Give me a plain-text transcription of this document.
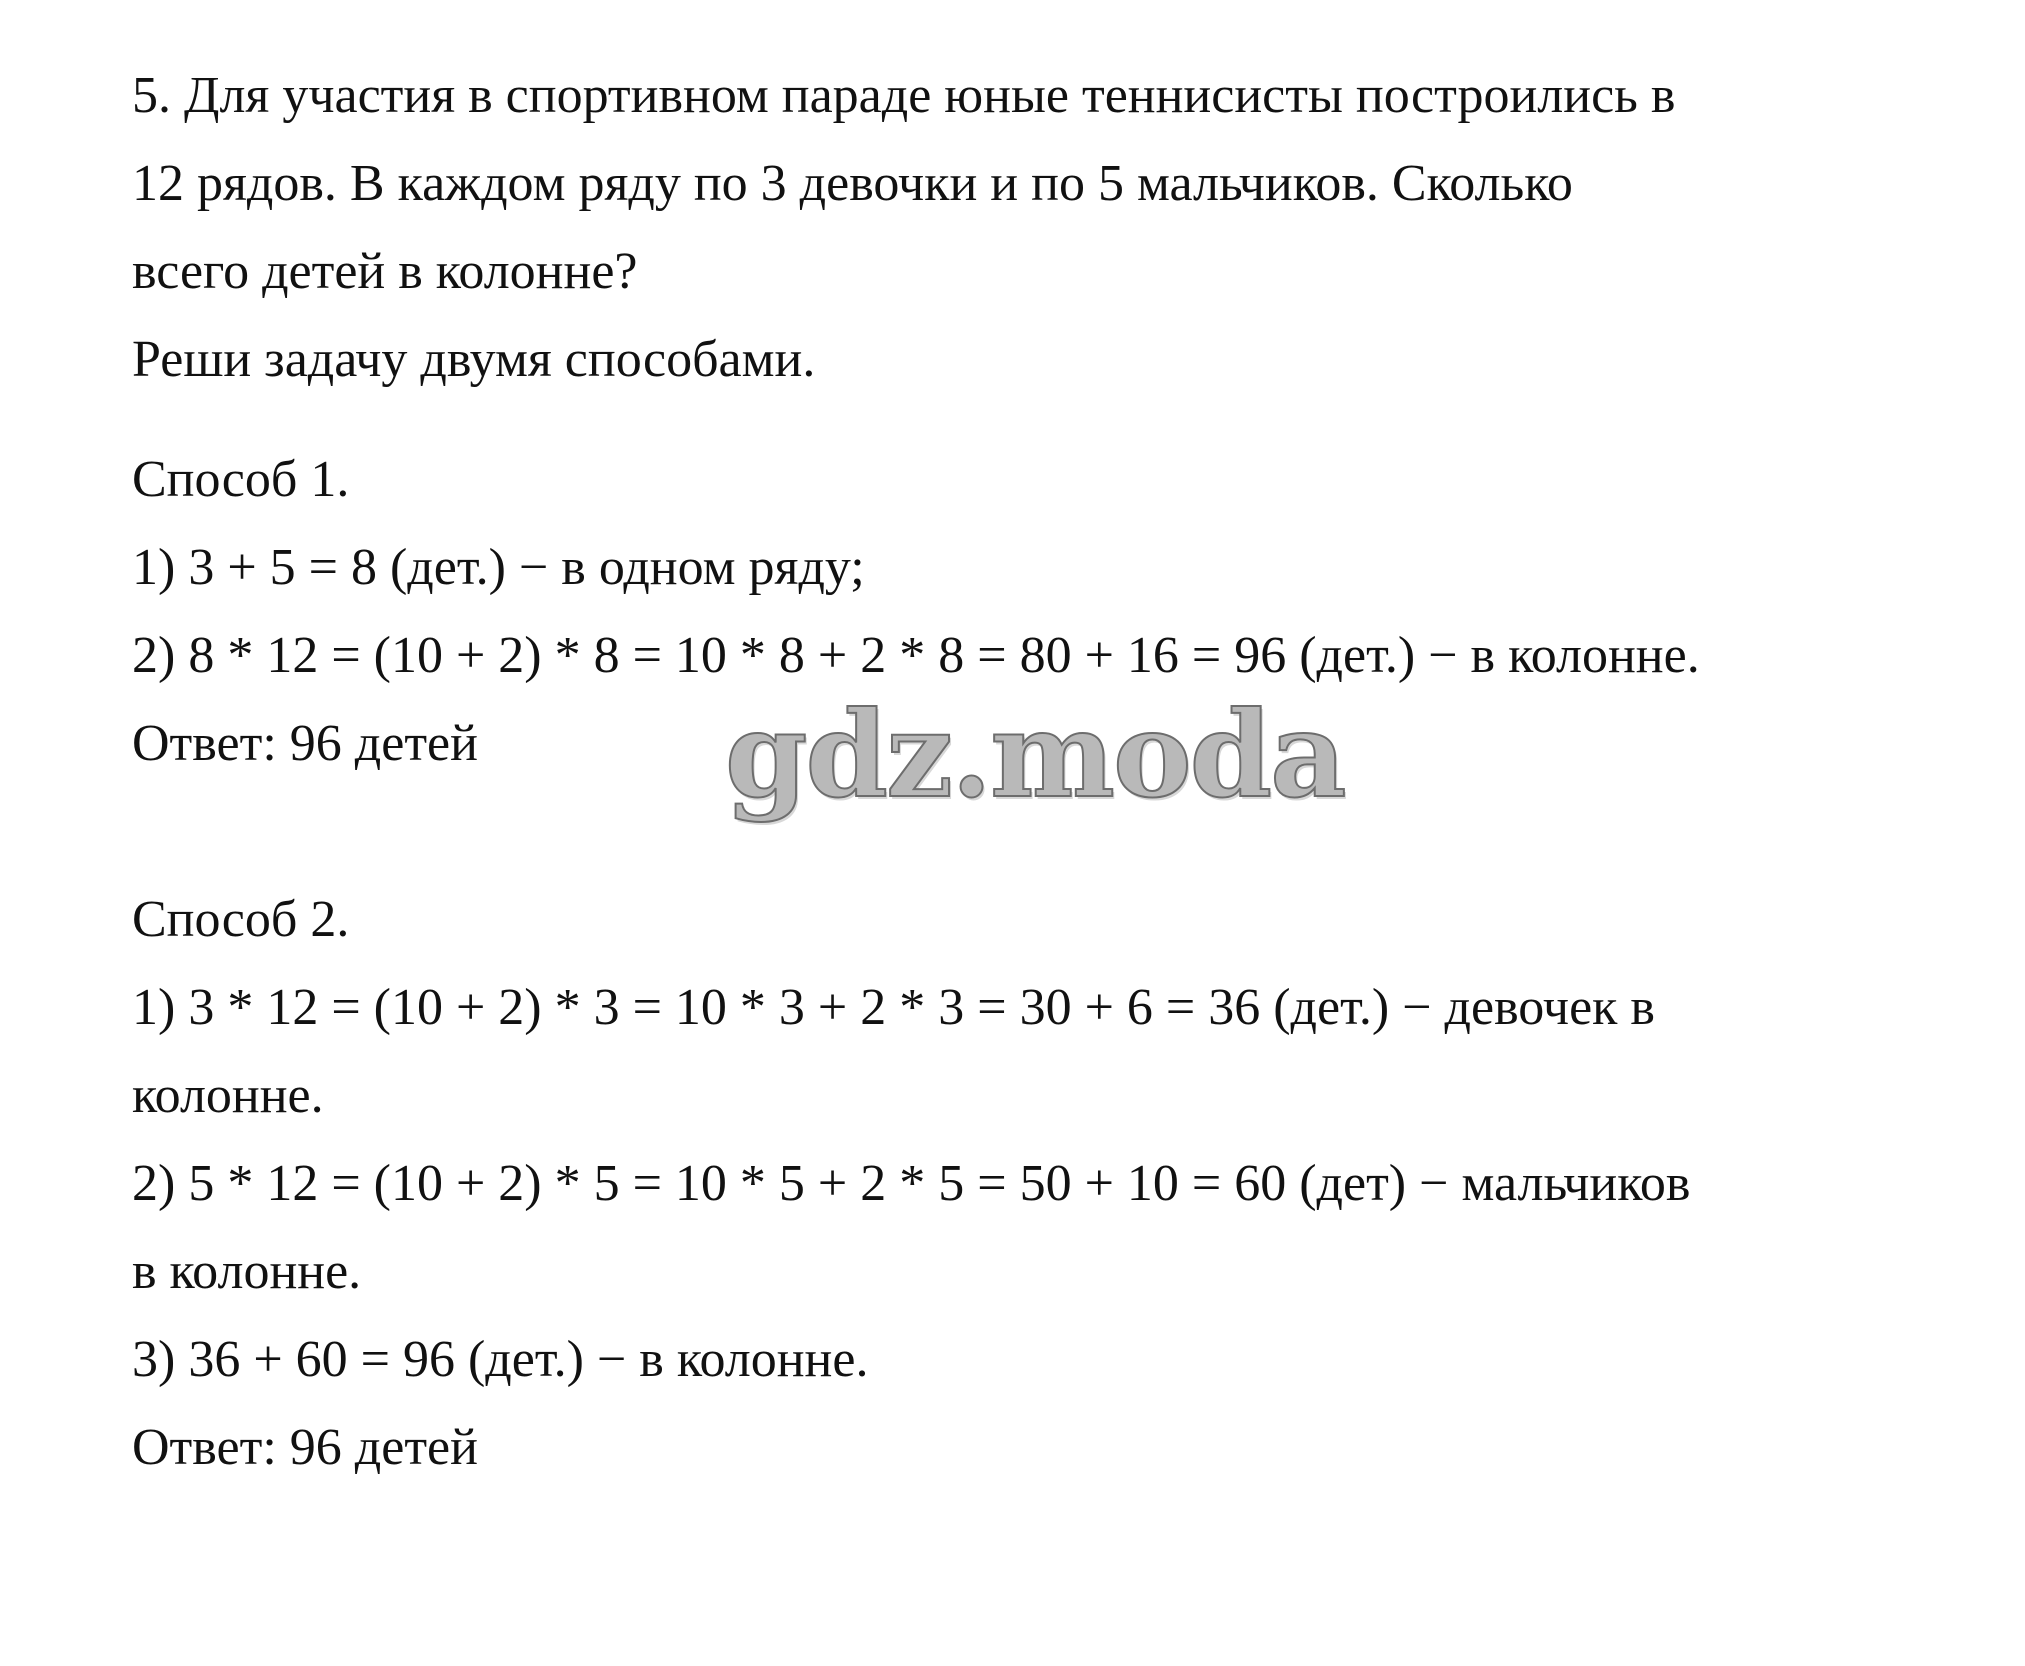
5. Для участия в спортивном параде юные теннисисты построились в
12 рядов. В каждом ряду по 3 девочки и по 5 мальчиков. Сколько
всего детей в колонне?
Реши задачу двумя способами.
Способ 1.
1) 3 + 5 = 8 (дет.) − в одном ряду;
2) 8 * 12 = (10 + 2) * 8 = 10 * 8 + 2 * 8 = 80 + 16 = 96 (дет.) − в колонне.
Ответ: 96 детей gdz.moda
Способ 2.
1) 3 * 12 = (10 + 2) * 3 = 10 * 3 + 2 * 3 = 30 + 6 = 36 (дет.) − девочек в
колонне.
2) 5 * 12 = (10 + 2) * 5 = 10 * 5 + 2 * 5 = 50 + 10 = 60 (дет) − мальчиков
в колонне.
3) 36 + 60 = 96 (дет.) − в колонне.
Ответ: 96 детей
